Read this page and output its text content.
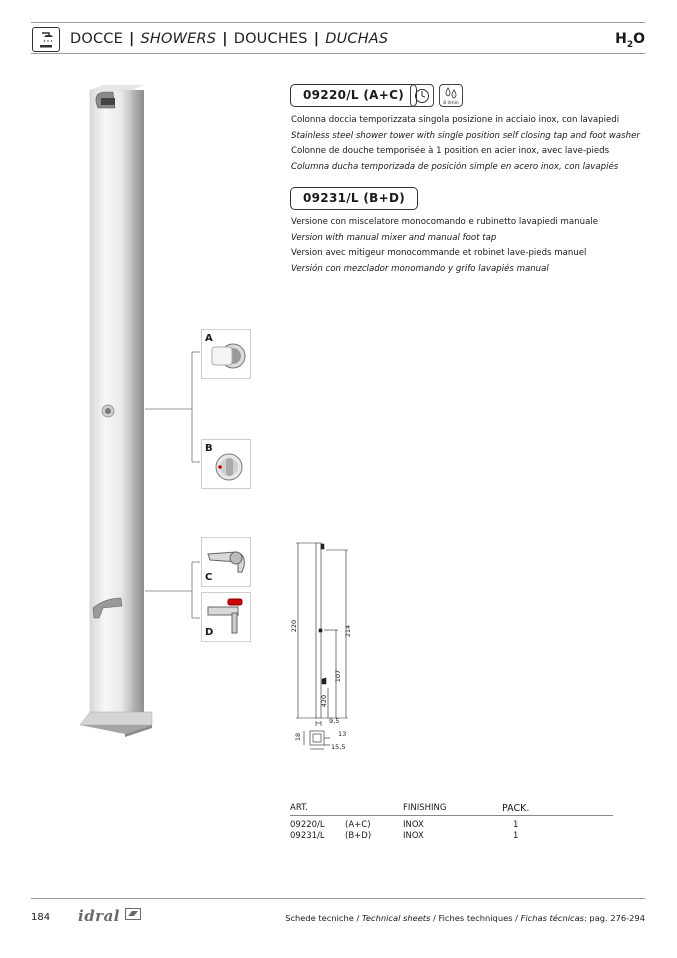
DOCCE | SHOWERS | DOUCHES | DUCHAS	$H_2O$
A
B
C
D
09220/L (A+C)
8 l/min
Colonna doccia temporizzata singola posizione in acciaio inox, con lavapiedi
Stainless steel shower tower with single position self closing tap and foot washer
Colonne de douche temporisée à 1 position en acier inox, avec lave-pieds
Columna ducha temporizada de posición simple en acero inox, con lavapiés
09231/L (B+D)
Versione con miscelatore monocomando e rubinetto lavapiedi manuale
Version with manual mixer and manual foot tap
Version avec mitigeur monocommande et robinet lave-pieds manuel
Versión con mezclador monomando y grifo lavapiés manual
220	214
107
420
9,5
18	13
15,5
ART.	FINISHING	PACK.
09220/L (A+C)	INOX	1
09231/L (B+D)	INOX	1
184 idral	Schede tecniche / Technical sheets / Fiches techniques / Fichas técnicas: pag. 276-294
